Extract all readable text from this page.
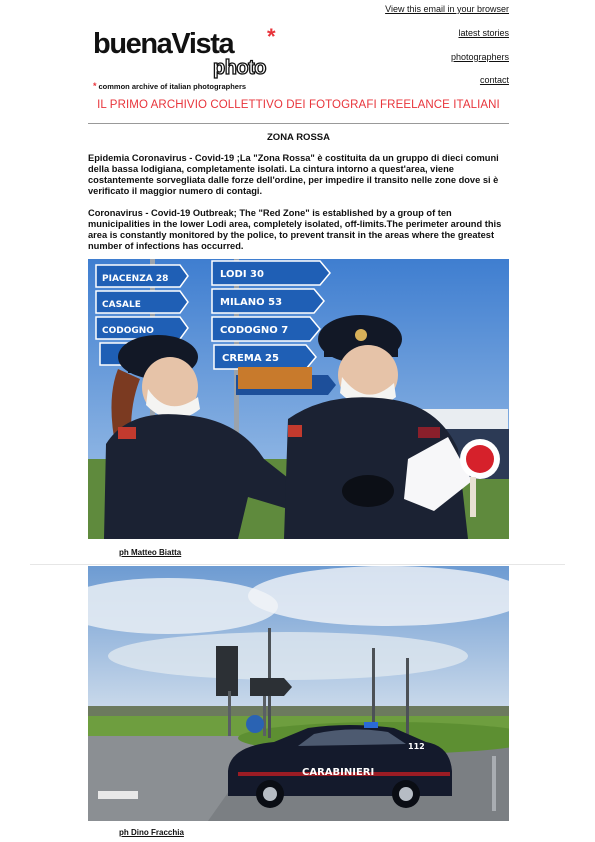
View this email in your browser
latest stories
photographers
contact
buenaVista *
photo
* common archive of italian photographers
IL PRIMO ARCHIVIO COLLETTIVO DEI FOTOGRAFI FREELANCE ITALIANI
ZONA ROSSA
Epidemia Coronavirus - Covid-19 ;La "Zona Rossa" è costituita da un gruppo di dieci comuni della bassa lodigiana, completamente isolati. La cintura intorno a quest'area, viene costantemente sorvegliata dalle forze dell'ordine, per impedire il transito nelle zone dove si è verificato il maggior numero di contagi.
Coronavirus - Covid-19 Outbreak; The "Red Zone" is established by a group of ten municipalities in the lower Lodi area, completely isolated, off-limits.The perimeter around this area is constantly monitored by the police, to prevent transit in the areas where the greatest number of infections has occurred.
LODI 30
MILANO 53
CODOGNO 7
CREMA 25
PIACENZA 28
CASALE
CODOGNO
ph Matteo Biatta
CARABINIERI
112
ph Dino Fracchia
